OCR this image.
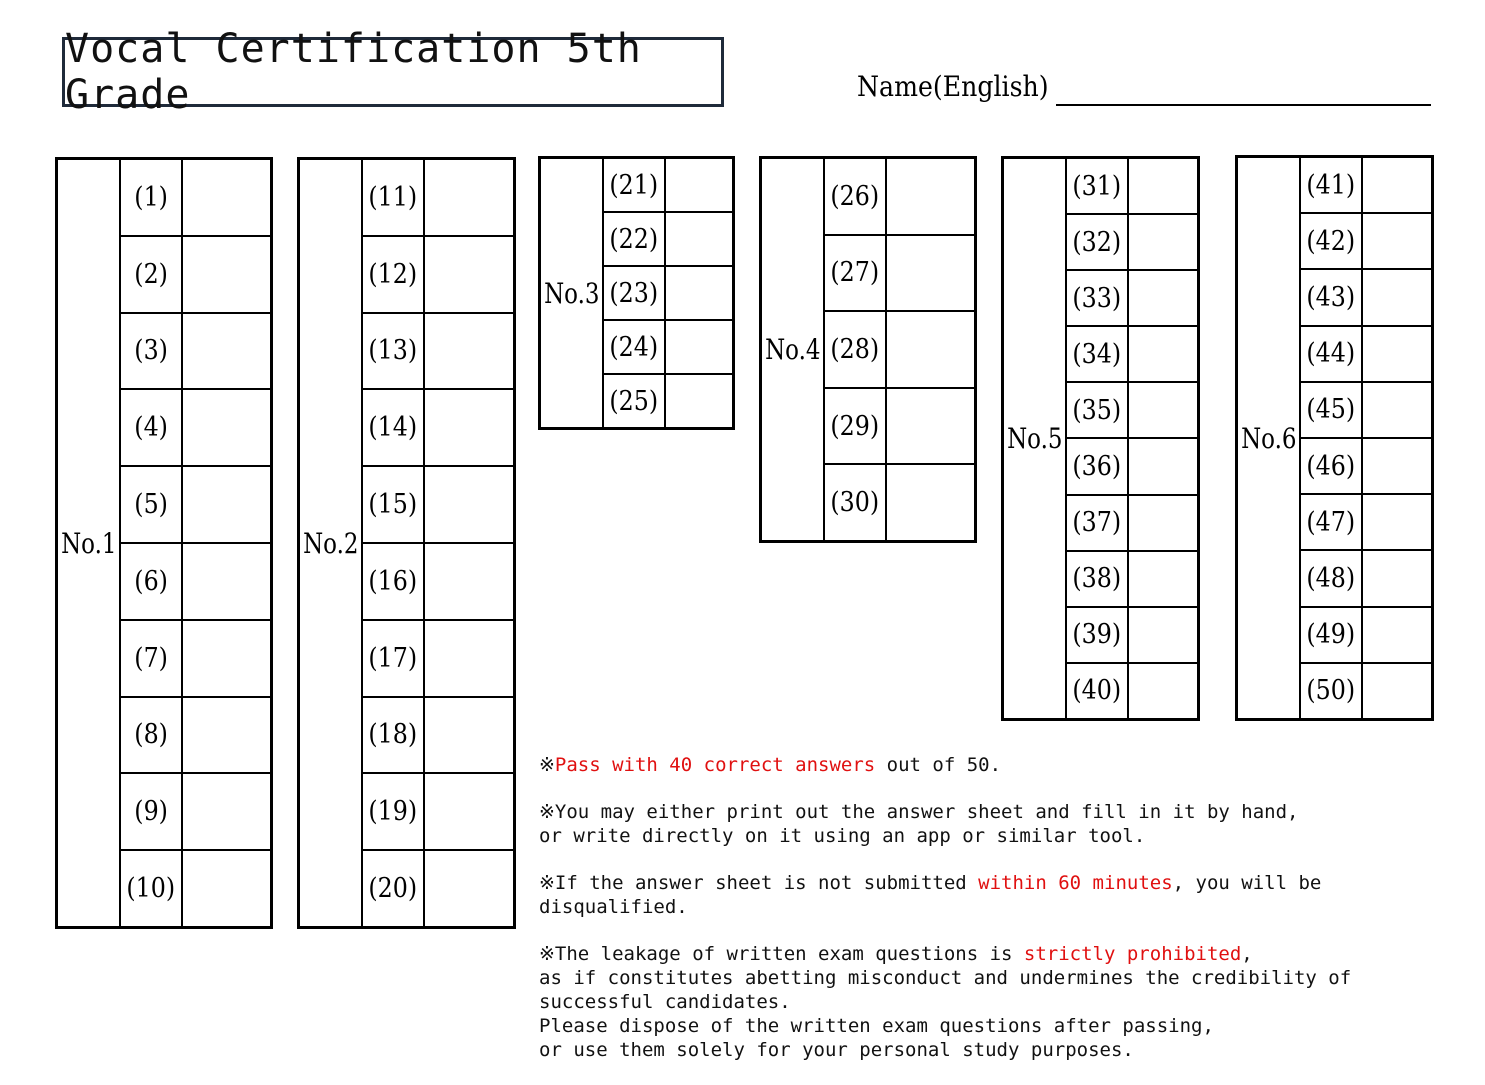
Vocal Certification 5th Grade	Name(English)
No.1
(1)
(2)
(3)
(4)
(5)
(6)
(7)
(8)
(9)
(10)
No.2
(11)
(12)
(13)
(14)
(15)
(16)
(17)
(18)
(19)
(20)
No.3
(21)
(22)
(23)
(24)
(25)
No.4
(26)
(27)
(28)
(29)
(30)
No.5
(31)
(32)
(33)
(34)
(35)
(36)
(37)
(38)
(39)
(40)
No.6
(41)
(42)
(43)
(44)
(45)
(46)
(47)
(48)
(49)
(50)

※Pass with 40 correct answers out of 50.

※You may either print out the answer sheet and fill in it by hand,
or write directly on it using an app or similar tool.

※If the answer sheet is not submitted within 60 minutes, you will be disqualified.

※The leakage of written exam questions is strictly prohibited,
as if constitutes abetting misconduct and undermines the credibility of successful candidates.
Please dispose of the written exam questions after passing,
or use them solely for your personal study purposes.
